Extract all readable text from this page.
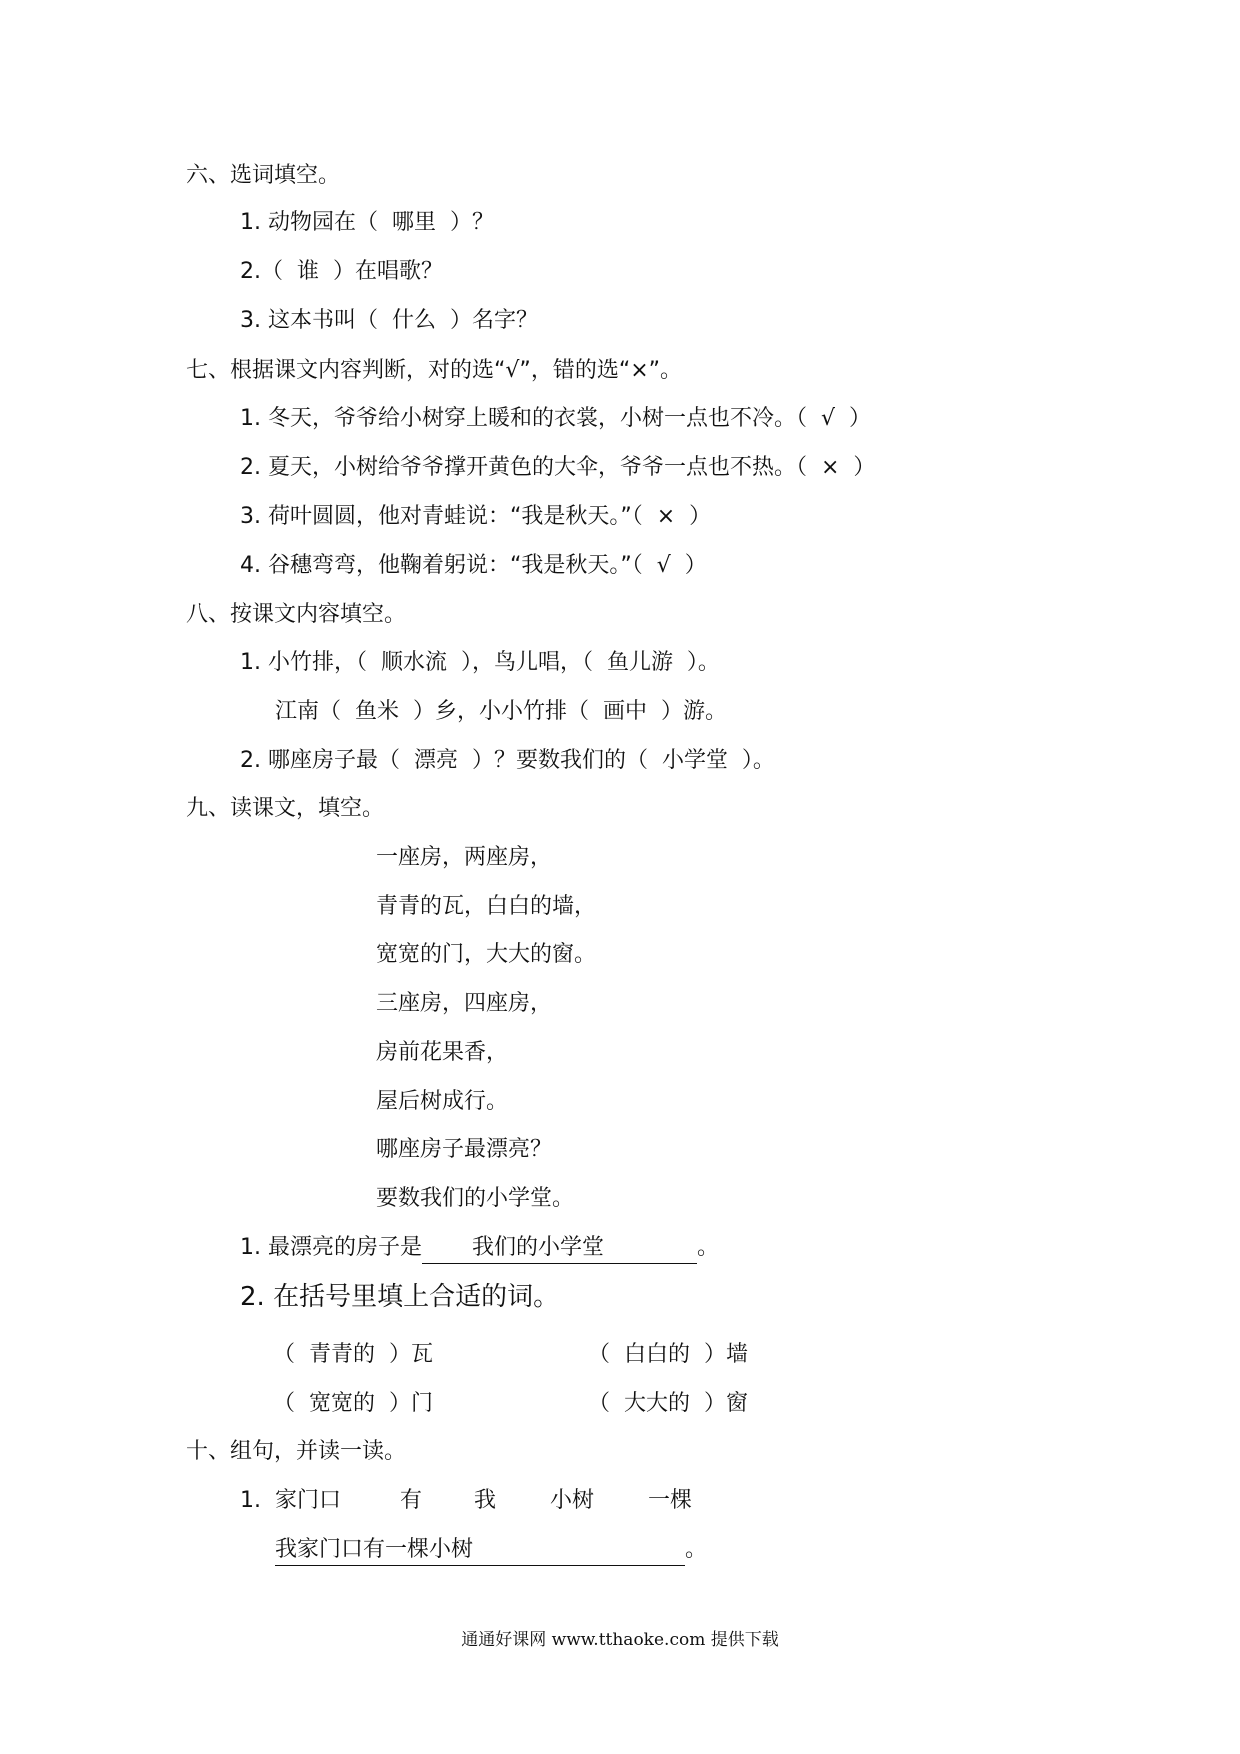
六、选词填空。
1. 动物园在（  哪里  ）？
2.（  谁  ）在唱歌？
3. 这本书叫（  什么  ）名字？
七、根据课文内容判断，对的选“√”，错的选“×”。
1. 冬天，爷爷给小树穿上暖和的衣裳，小树一点也不冷。（  √  ）
2. 夏天，小树给爷爷撑开黄色的大伞，爷爷一点也不热。（  ×  ）
3. 荷叶圆圆，他对青蛙说：“我是秋天。”（  ×  ）
4. 谷穗弯弯，他鞠着躬说：“我是秋天。”（  √  ）
八、按课文内容填空。
1. 小竹排，（  顺水流  ），鸟儿唱，（  鱼儿游  ）。
江南（  鱼米  ）乡，小小竹排（  画中  ）游。
2. 哪座房子最（  漂亮  ）？要数我们的（  小学堂  ）。
九、读课文，填空。
一座房，两座房，
青青的瓦，白白的墙，
宽宽的门，大大的窗。
三座房，四座房，
房前花果香，
屋后树成行。
哪座房子最漂亮？
要数我们的小学堂。
1. 最漂亮的房子是 我们的小学堂	。
2. 在括号里填上合适的词。
（  青青的  ）瓦	（  白白的  ）墙
（  宽宽的  ）门	（  大大的  ）窗
十、组句，并读一读。
1. 家门口	有 我 小树 一棵
我家门口有一棵小树	。
通通好课网 www.tthaoke.com 提供下载
